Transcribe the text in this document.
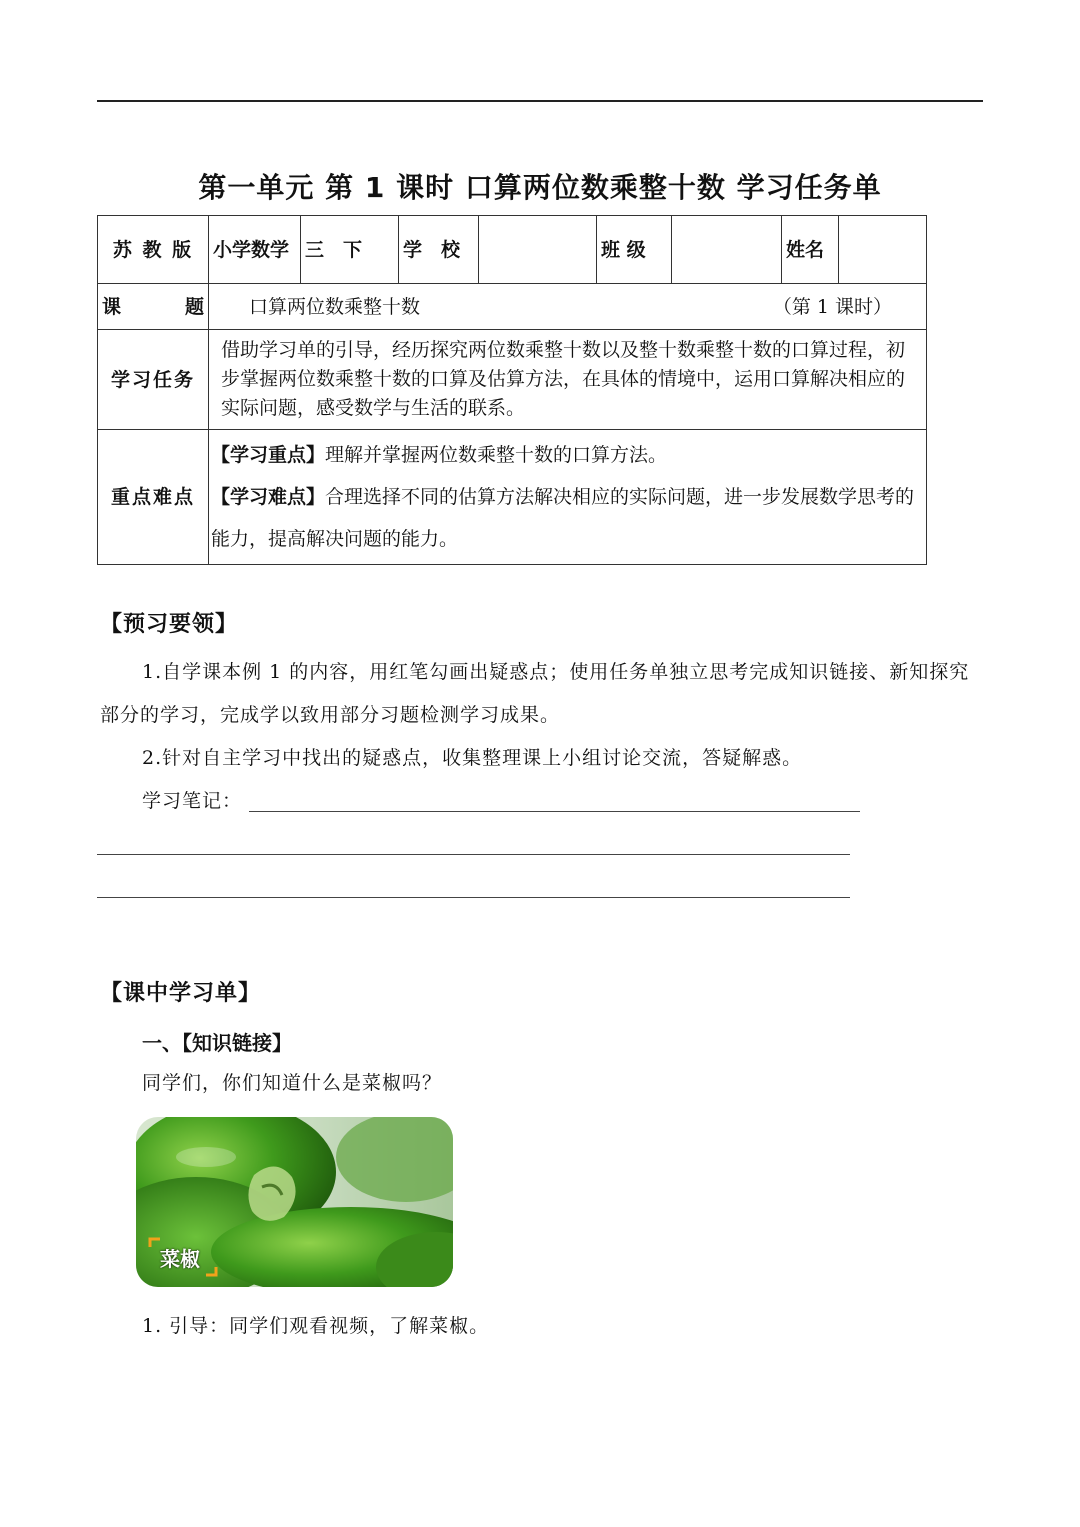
第一单元 第 1 课时 口算两位数乘整十数 学习任务单
苏 教 版	小学数学	三　下	学　校		班 级		姓名	
课 题	口算两位数乘整十数 （第 1 课时）							

学习任务	借助学习单的引导，经历探究两位数乘整十数以及整十数乘整十数的口算过程，初步掌握两位数乘整十数的口算及估算方法，在具体的情境中，运用口算解决相应的实际问题，感受数学与生活的联系。							
重点难点	【学习重点】理解并掌握两位数乘整十数的口算方法。
【学习难点】合理选择不同的估算方法解决相应的实际问题，进一步发展数学思考的能力，提高解决问题的能力。							
【预习要领】
1.自学课本例 1 的内容，用红笔勾画出疑惑点；使用任务单独立思考完成知识链接、新知探究部分的学习，完成学以致用部分习题检测学习成果。
2.针对自主学习中找出的疑惑点，收集整理课上小组讨论交流，答疑解惑。
学习笔记：
【课中学习单】
一、【知识链接】
同学们，你们知道什么是菜椒吗？
菜椒
1. 引导：同学们观看视频，了解菜椒。
